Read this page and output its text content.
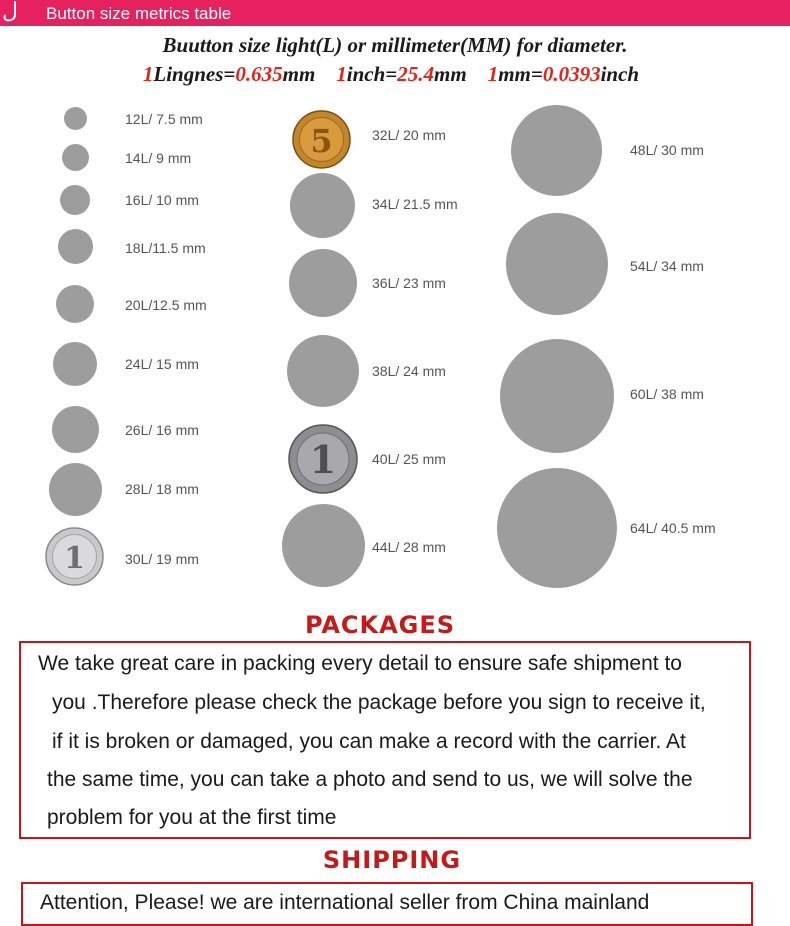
ل Button size metrics table
Buutton size light(L) or millimeter(MM) for diameter.
1Lingnes=0.635mm 1inch=25.4mm 1mm=0.0393inch
1
12L/ 7.5 mm
14L/ 9 mm
16L/ 10 mm
18L/11.5 mm
20L/12.5 mm
24L/ 15 mm
26L/ 16 mm
28L/ 18 mm
30L/ 19 mm
5
1
32L/ 20 mm
34L/ 21.5 mm
36L/ 23 mm
38L/ 24 mm
40L/ 25 mm
44L/ 28 mm
48L/ 30 mm
54L/ 34 mm
60L/ 38 mm
64L/ 40.5 mm
PACKAGES
We take great care in packing every detail to ensure safe shipment to
you .Therefore please check the package before you sign to receive it,
if it is broken or damaged, you can make a record with the carrier. At
the same time, you can take a photo and send to us, we will solve the
problem for you at the first time
SHIPPING
Attention, Please! we are international seller from China mainland
